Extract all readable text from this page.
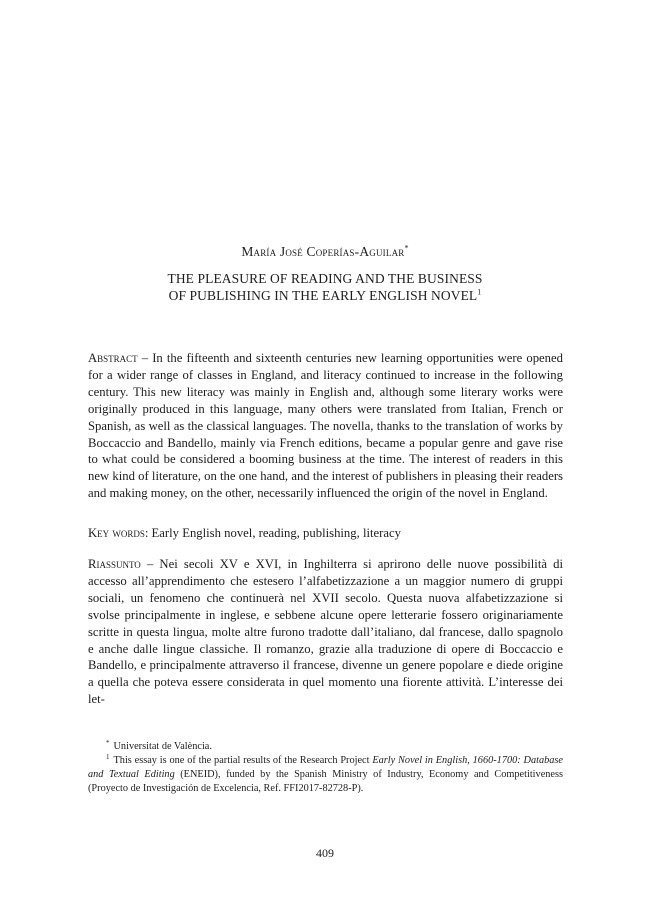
María José Coperías-Aguilar*
THE PLEASURE OF READING AND THE BUSINESS
OF PUBLISHING IN THE EARLY ENGLISH NOVEL$^1$

Abstract – In the fifteenth and sixteenth centuries new learning opportunities were opened for a wider range of classes in England, and literacy continued to increase in the following century. This new literacy was mainly in English and, although some literary works were originally produced in this language, many others were translated from Italian, French or Spanish, as well as the classical languages. The novella, thanks to the translation of works by Boccaccio and Bandello, mainly via French editions, became a popular genre and gave rise to what could be considered a booming business at the time. The interest of readers in this new kind of literature, on the one hand, and the interest of publishers in pleasing their readers and making money, on the other, necessarily influenced the origin of the novel in England.

Key words: Early English novel, reading, publishing, literacy

Riassunto – Nei secoli XV e XVI, in Inghilterra si aprirono delle nuove possibilità di accesso all’apprendimento che estesero l’alfabetizzazione a un maggior numero di gruppi sociali, un fenomeno che continuerà nel XVII secolo. Questa nuova alfabetizzazione si svolse principalmente in inglese, e sebbene alcune opere letterarie fossero originariamente scritte in questa lingua, molte altre furono tradotte dall’italiano, dal francese, dallo spagnolo e anche dalle lingue classiche. Il romanzo, grazie alla traduzione di opere di Boccaccio e Bandello, e principalmente attraverso il francese, divenne un genere popolare e diede origine a quella che poteva essere considerata in quel momento una fiorente attività. L’interesse dei let-

* Universitat de València.

$^1$ This essay is one of the partial results of the Research Project Early Novel in English, 1660-1700: Database and Textual Editing (ENEID), funded by the Spanish Ministry of Industry, Economy and Competitiveness (Proyecto de Investigación de Excelencia, Ref. FFI2017-82728-P).

409
